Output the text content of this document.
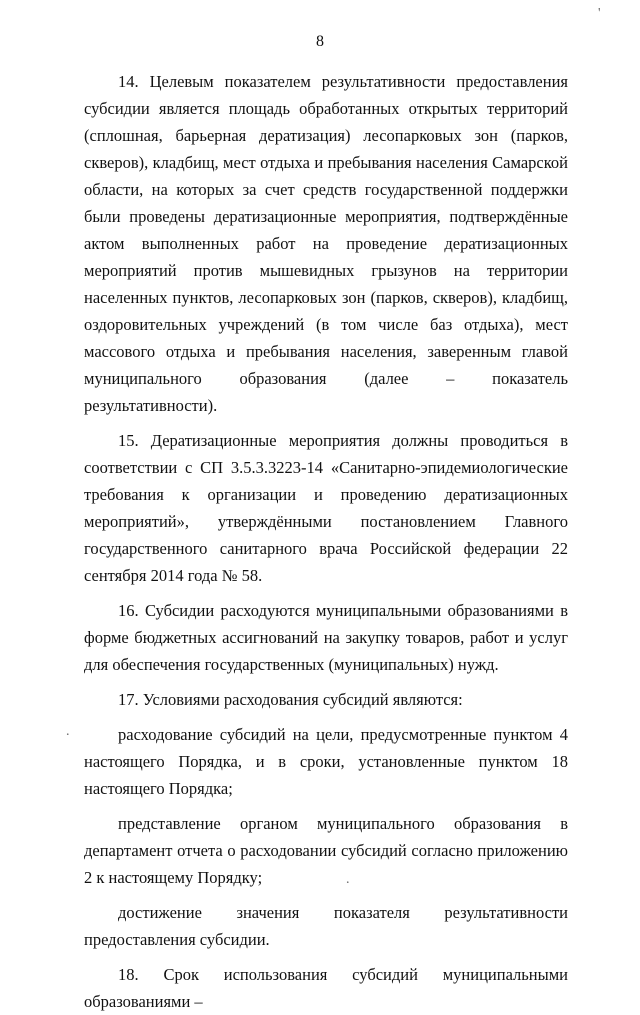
8

14. Целевым показателем результативности предоставления субсидии является площадь обработанных открытых территорий (сплошная, барьерная дератизация) лесопарковых зон (парков, скверов), кладбищ, мест отдыха и пребывания населения Самарской области, на которых за счет средств государственной поддержки были проведены дератизационные мероприятия, подтверждённые актом выполненных работ на проведение дератизационных мероприятий против мышевидных грызунов на территории населенных пунктов, лесопарковых зон (парков, скверов), кладбищ, оздоровительных учреждений (в том числе баз отдыха), мест массового отдыха и пребывания населения, заверенным главой муниципального образования (далее – показатель результативности).

15. Дератизационные мероприятия должны проводиться в соответствии с СП 3.5.3.3223-14 «Санитарно-эпидемиологические требования к организации и проведению дератизационных мероприятий», утверждёнными постановлением Главного государственного санитарного врача Российской федерации 22 сентября 2014 года № 58.

16. Субсидии расходуются муниципальными образованиями в форме бюджетных ассигнований на закупку товаров, работ и услуг для обеспечения государственных (муниципальных) нужд.

17. Условиями расходования субсидий являются:

расходование субсидий на цели, предусмотренные пунктом 4 настоящего Порядка, и в сроки, установленные пунктом 18 настоящего Порядка;

представление органом муниципального образования в департамент отчета о расходовании субсидий согласно приложению 2 к настоящему Порядку;

достижение значения показателя результативности предоставления субсидии.

18. Срок использования субсидий муниципальными образованиями –

'
.
.
